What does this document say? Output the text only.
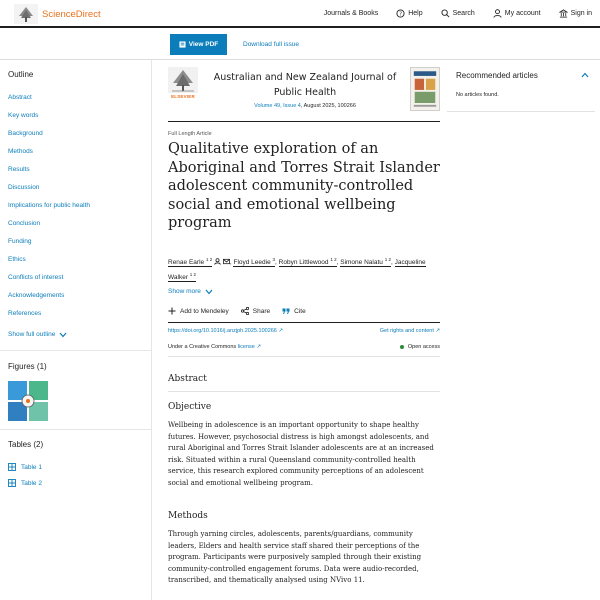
ScienceDirect	Journals & Books	? Help	Search	My account	Sign in
View PDF	Download full issue
Outline
Abstract
Key words
Background
Methods
Results
Discussion
Implications for public health
Conclusion
Funding
Ethics
Conflicts of interest
Acknowledgements
References
Show full outline
Figures (1)
Tables (2)
Table 1
Table 2
ELSEVIER
Australian and New Zealand Journal of Public Health
Volume 49, Issue 4, August 2025, 100266
Full Length Article
Qualitative exploration of an Aboriginal and Torres Strait Islander adolescent community-controlled social and emotional wellbeing program
Renae Earle $^{1 2}$	, Floyd Leedie $^3$, Robyn Littlewood $^{1 2}$, Simone Nalatu $^{1 2}$, Jacqueline Walker $^{1 2}$
Show more
Add to Mendeley	Share	Cite
https://doi.org/10.1016/j.anzjph.2025.100266 ↗	Get rights and content ↗
Under a Creative Commons license ↗	Open access
Abstract
Objective

Wellbeing in adolescence is an important opportunity to shape healthy futures. However, psychosocial distress is high amongst adolescents, and rural Aboriginal and Torres Strait Islander adolescents are at an increased risk. Situated within a rural Queensland community-controlled health service, this research explored community perceptions of an adolescent social and emotional wellbeing program.

Methods

Through yarning circles, adolescents, parents/guardians, community leaders, Elders and health service staff shared their perceptions of the program. Participants were purposively sampled through their existing community-controlled engagement forums. Data were audio-recorded, transcribed, and thematically analysed using NVivo 11.

Recommended articles
No articles found.
